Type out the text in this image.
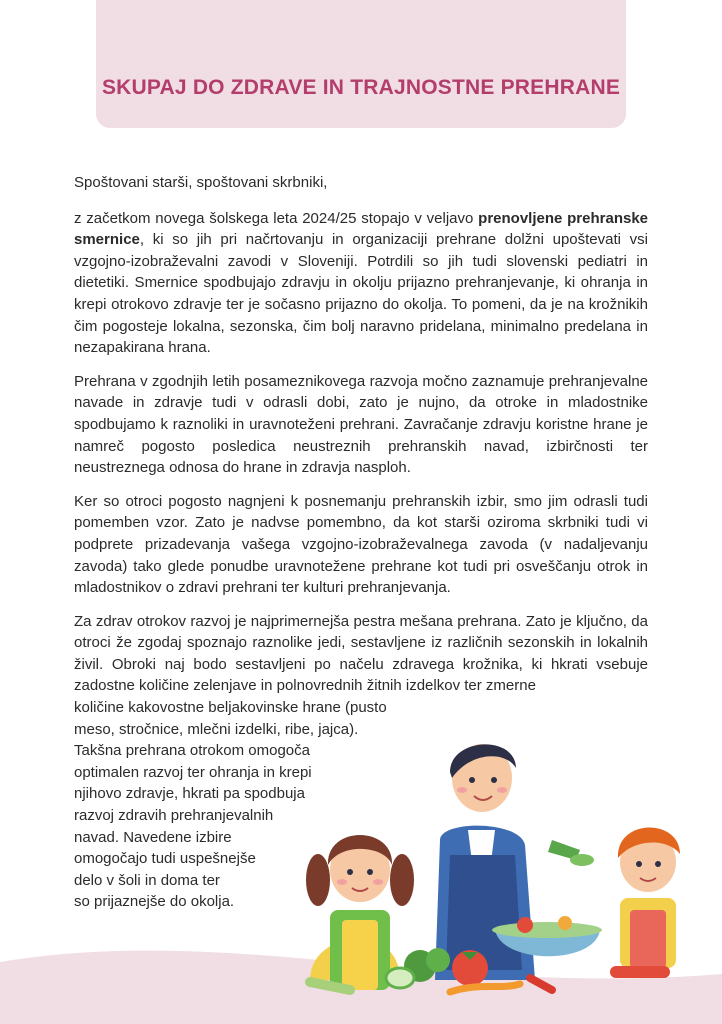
SKUPAJ DO ZDRAVE IN TRAJNOSTNE PREHRANE

Spoštovani starši, spoštovani skrbniki,

z začetkom novega šolskega leta 2024/25 stopajo v veljavo prenovljene prehranske smernice, ki so jih pri načrtovanju in organizaciji prehrane dolžni upoštevati vsi vzgojno-izobraževalni zavodi v Sloveniji. Potrdili so jih tudi slovenski pediatri in dietetiki. Smernice spodbujajo zdravju in okolju prijazno prehranjevanje, ki ohranja in krepi otrokovo zdravje ter je sočasno prijazno do okolja. To pomeni, da je na krožnikih čim pogosteje lokalna, sezonska, čim bolj naravno pridelana, minimalno predelana in nezapakirana hrana.

Prehrana v zgodnjih letih posameznikovega razvoja močno zaznamuje prehranjevalne navade in zdravje tudi v odrasli dobi, zato je nujno, da otroke in mladostnike spodbujamo k raznoliki in uravnoteženi prehrani. Zavračanje zdravju koristne hrane je namreč pogosto posledica neustreznih prehranskih navad, izbirčnosti ter neustreznega odnosa do hrane in zdravja nasploh.

Ker so otroci pogosto nagnjeni k posnemanju prehranskih izbir, smo jim odrasli tudi pomemben vzor. Zato je nadvse pomembno, da kot starši oziroma skrbniki tudi vi podprete prizadevanja vašega vzgojno-izobraževalnega zavoda (v nadaljevanju zavoda) tako glede ponudbe uravnotežene prehrane kot tudi pri osveščanju otrok in mladostnikov o zdravi prehrani ter kulturi prehranjevanja.

Za zdrav otrokov razvoj je najprimernejša pestra mešana prehrana. Zato je ključno, da otroci že zgodaj spoznajo raznolike jedi, sestavljene iz različnih sezonskih in lokalnih živil. Obroki naj bodo sestavljeni po načelu zdravega krožnika, ki hkrati vsebuje zadostne količine zelenjave in polnovrednih žitnih izdelkov ter zmerne

količine kakovostne beljakovinske hrane (pusto
meso, stročnice, mlečni izdelki, ribe, jajca).
Takšna prehrana otrokom omogoča
optimalen razvoj ter ohranja in krepi
njihovo zdravje, hkrati pa spodbuja
razvoj zdravih prehranjevalnih
navad. Navedene izbire
omogočajo tudi uspešnejše
delo v šoli in doma ter
so prijaznejše do okolja.
